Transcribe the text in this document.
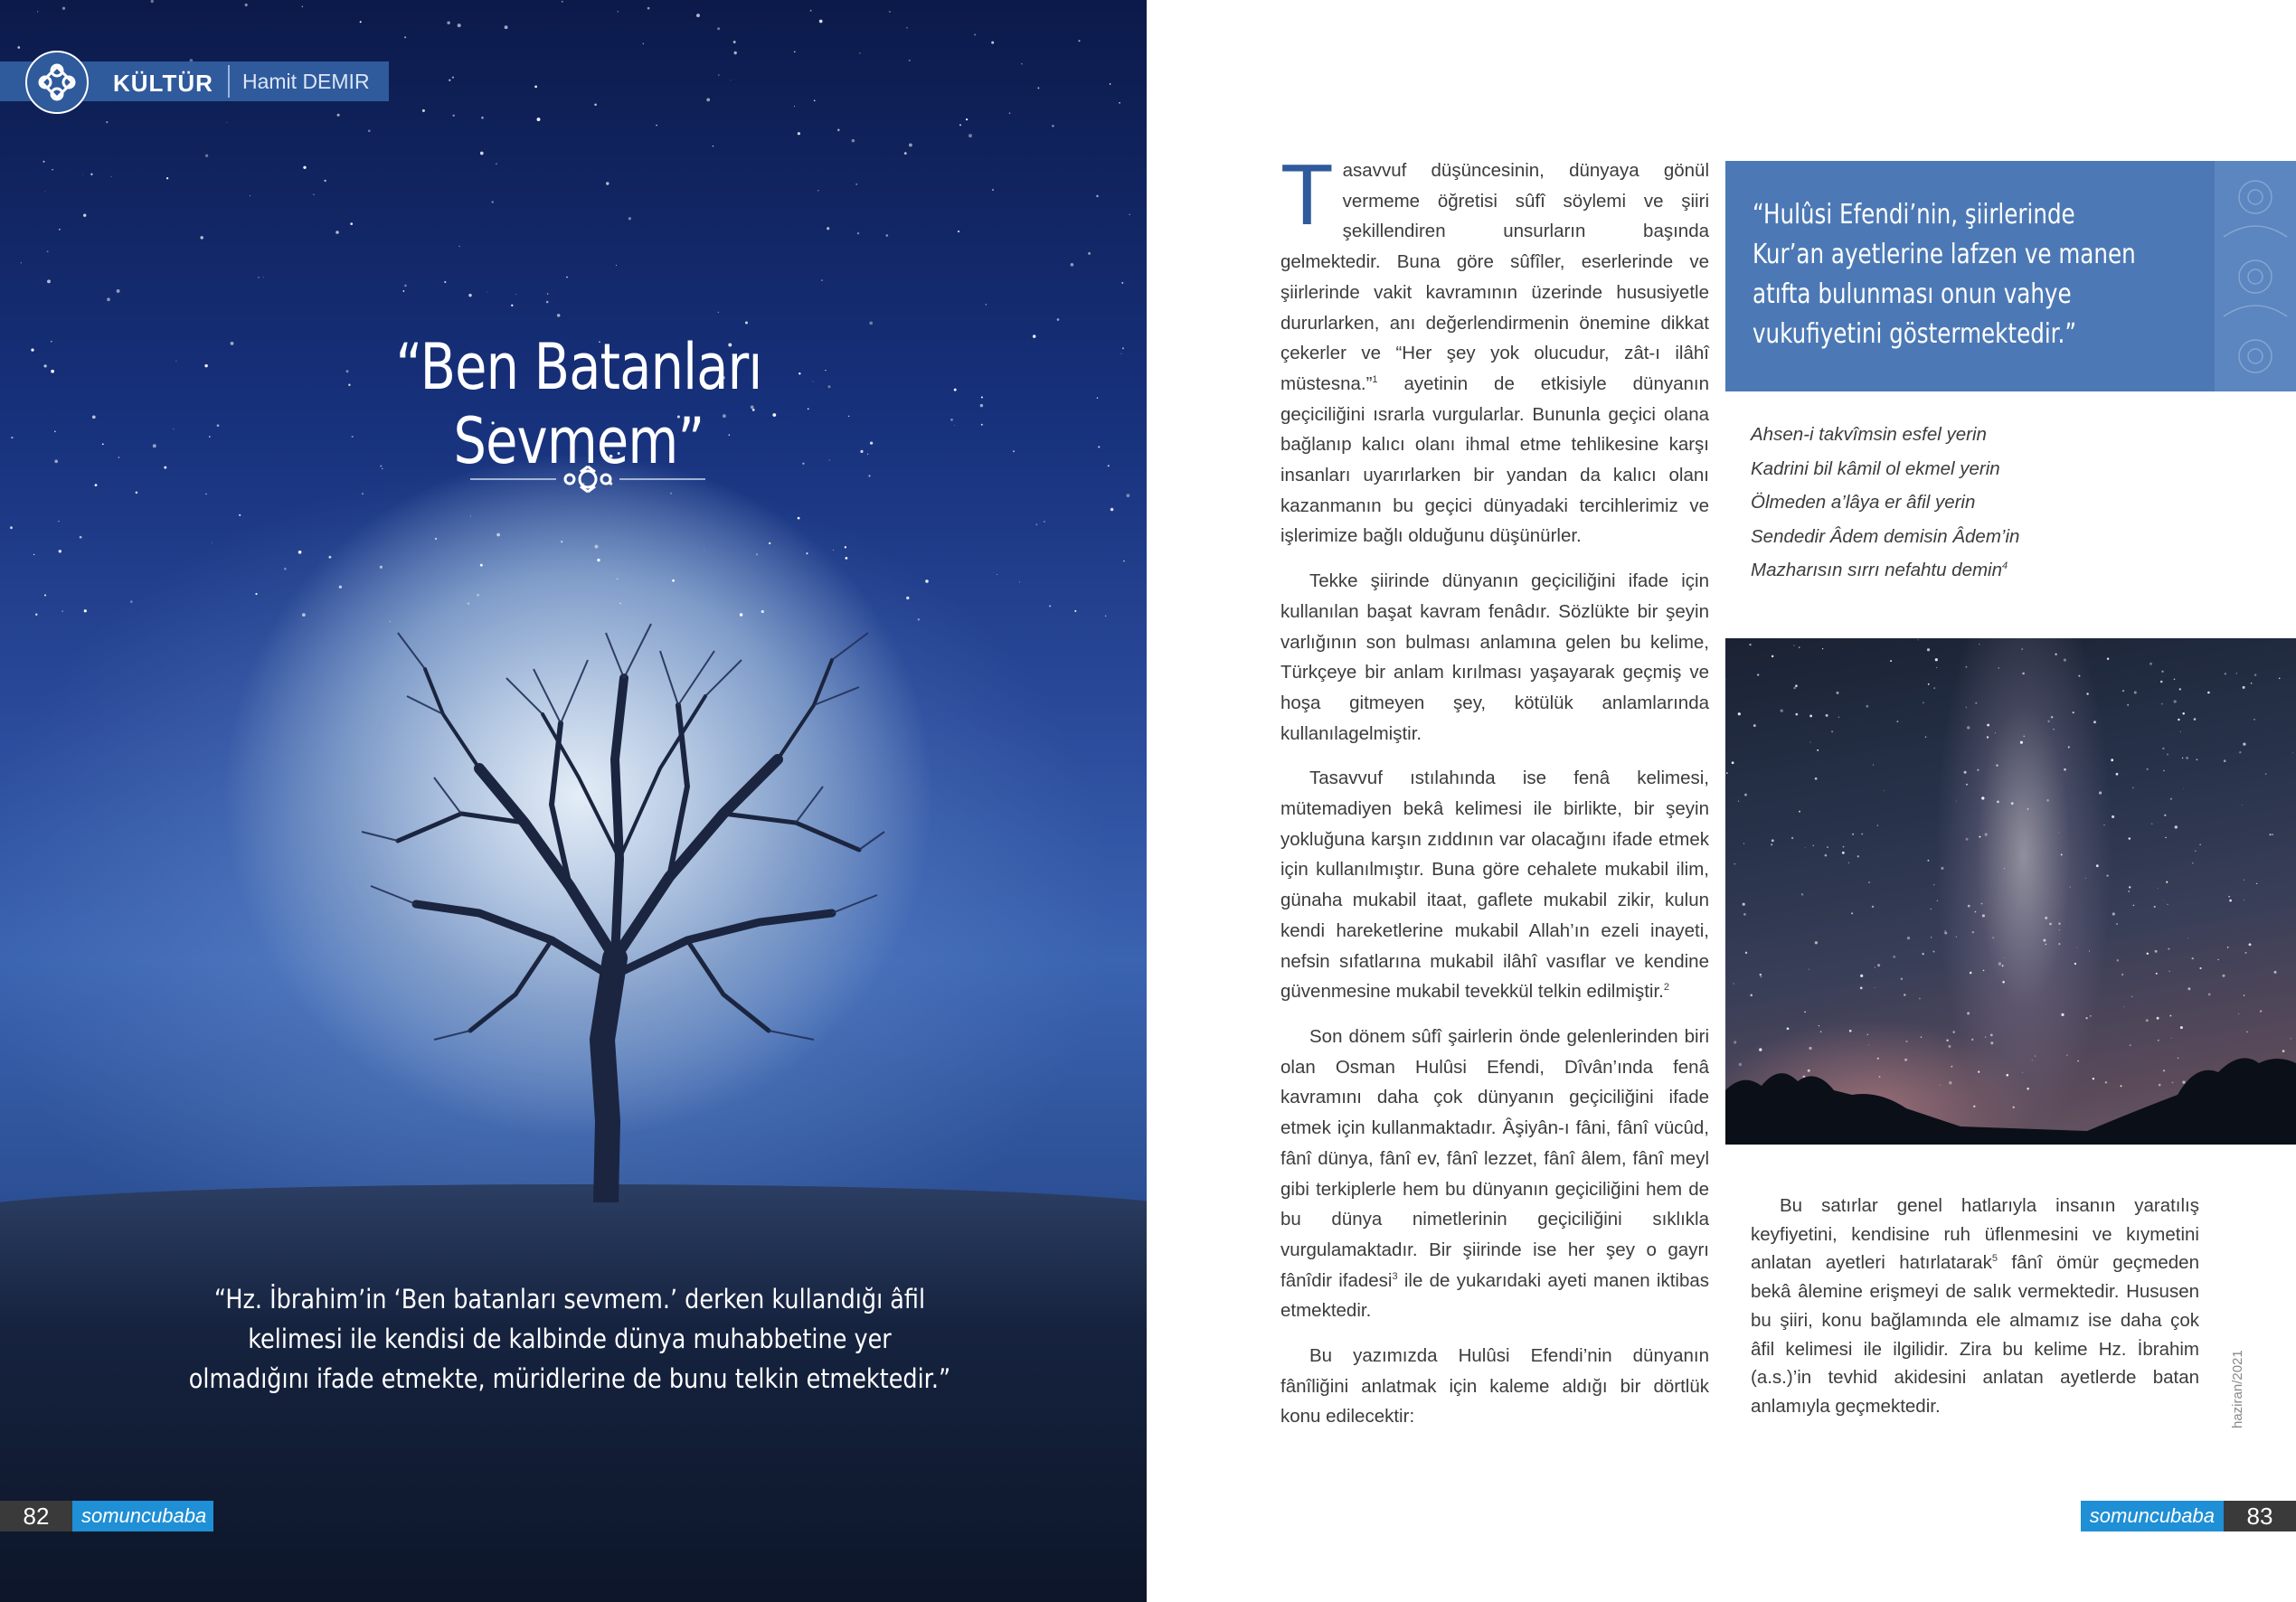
KÜLTÜR Hamit DEMIR
“Ben Batanları Sevmem”

“Hz. İbrahim’in ‘Ben batanları sevmem.’ derken kullandığı âfil kelimesi ile kendisi de kalbinde dünya muhabbetine yer olmadığını ifade etmekte, müridlerine de bunu telkin etmektedir.”

82	somuncubaba

Tasavvuf düşüncesinin, dünyaya gönül vermeme öğretisi sûfî söylemi ve şiiri şekillendiren unsurların başında gelmektedir. Buna göre sûfîler, eserlerinde ve şiirlerinde vakit kavramının üzerinde hususiyetle dururlarken, anı değerlendirmenin önemine dikkat çekerler ve “Her şey yok olucudur, zât-ı ilâhî müstesna.”$^1$ ayetinin de etkisiyle dünyanın geçiciliğini ısrarla vurgularlar. Bununla geçici olana bağlanıp kalıcı olanı ihmal etme tehlikesine karşı insanları uyarırlarken bir yandan da kalıcı olanı kazanmanın bu geçici dünyadaki tercihlerimiz ve işlerimize bağlı olduğunu düşünürler.

Tekke şiirinde dünyanın geçiciliğini ifade için kullanılan başat kavram fenâdır. Sözlükte bir şeyin varlığının son bulması anlamına gelen bu kelime, Türkçeye bir anlam kırılması yaşayarak geçmiş ve hoşa gitmeyen şey, kötülük anlamlarında kullanılagelmiştir.

Tasavvuf ıstılahında ise fenâ kelimesi, mütemadiyen bekâ kelimesi ile birlikte, bir şeyin yokluğuna karşın zıddının var olacağını ifade etmek için kullanılmıştır. Buna göre cehalete mukabil ilim, günaha mukabil itaat, gaflete mukabil zikir, kulun kendi hareketlerine mukabil Allah’ın ezeli inayeti, nefsin sıfatlarına mukabil ilâhî vasıflar ve kendine güvenmesine mukabil tevekkül telkin edilmiştir.$^2$

Son dönem sûfî şairlerin önde gelenlerinden biri olan Osman Hulûsi Efendi, Dîvân’ında fenâ kavramını daha çok dünyanın geçiciliğini ifade etmek için kullanmaktadır. Âşiyân-ı fâni, fânî vücûd, fânî dünya, fânî ev, fânî lezzet, fânî âlem, fânî meyl gibi terkiplerle hem bu dünyanın geçiciliğini hem de bu dünya nimetlerinin geçiciliğini sıklıkla vurgulamaktadır. Bir şiirinde ise her şey o gayrı fânîdir ifadesi$^3$ ile de yukarıdaki ayeti manen iktibas etmektedir.

Bu yazımızda Hulûsi Efendi’nin dünyanın fânîliğini anlatmak için kaleme aldığı bir dörtlük konu edilecektir:

“Hulûsi Efendi’nin, şiirlerinde Kur’an ayetlerine lafzen ve manen atıfta bulunması onun vahye vukufiyetini göstermektedir.”

Ahsen-i takvîmsin esfel yerin
Kadrini bil kâmil ol ekmel yerin
Ölmeden a’lâya er âfil yerin
Sendedir Âdem demisin Âdem’in
Mazharısın sırrı nefahtu demin$^4$

Bu satırlar genel hatlarıyla insanın yaratılış keyfiyetini, kendisine ruh üflenmesini ve kıymetini anlatan ayetleri hatırlatarak$^5$ fânî ömür geçmeden bekâ âlemine erişmeyi de salık vermektedir. Hususen bu şiiri, konu bağlamında ele almamız ise daha çok âfil kelimesi ile ilgilidir. Zira bu kelime Hz. İbrahim (a.s.)’in tevhid akidesini anlatan ayetlerde batan anlamıyla geçmektedir.	haziran/2021
somuncubaba	83
